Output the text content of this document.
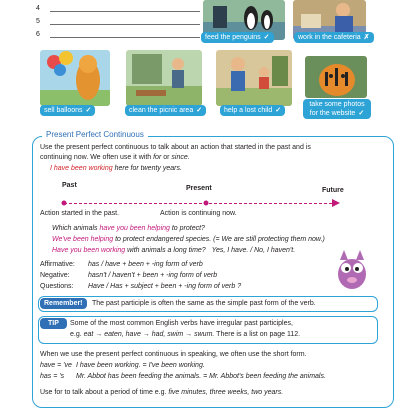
4
5
6	feed the penguins ✓	work in the cafeteria ✗
sell balloons ✓	clean the picnic area ✓	help a lost child ✓
take some photos
for the website ✓
Present Perfect Continuous
Use the present perfect continuous to talk about an action that started in the past and is
continuing now. We often use it with for or since.
I have been working here for twenty years.
Past	Present	Future
Action started in the past.	Action is continuing now.
Which animals have you been helping to protect?
We've been helping to protect endangered species. (= We are still protecting them now.)
Have you been working with animals a long time? Yes, I have. / No, I haven't.
Affirmative: has / have + been + -ing form of verb
Negative:	hasn't / haven't + been + -ing form of verb
Questions: Have / Has + subject + been + -ing form of verb ?
Remember!	The past participle is often the same as the simple past form of the verb.
TIP	Some of the most common English verbs have irregular past participles,
e.g. eat → eaten, have → had, swim → swum. There is a list on page 112.
When we use the present perfect continuous in speaking, we often use the short form.
have = 've I have been working. = I've been working.
has = 's Mr. Abbot has been feeding the animals. = Mr. Abbot's been feeding the animals.
Use for to talk about a period of time e.g. five minutes, three weeks, two years.
